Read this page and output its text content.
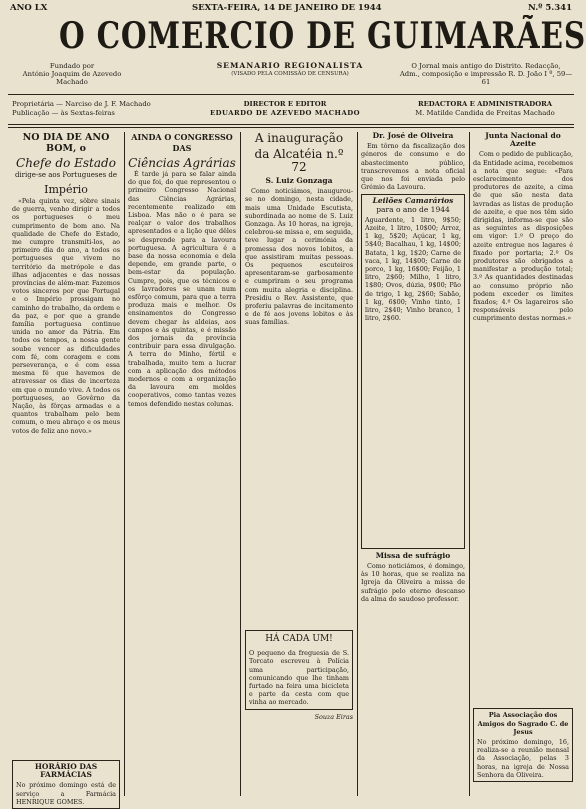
ANO LX	SEXTA-FEIRA, 14 DE JANEIRO DE 1944	N.º 5.341
O COMERCIO DE GUIMARÃES
Fundado por
António Joaquim de Azevedo Machado
SEMANARIO REGIONALISTA
(VISADO PELA COMISSÃO DE CENSURA)
O Jornal mais antigo do Distrito. Redacção,
Adm., composição e impressão R. D. João I º, 59—61
Proprietária — Narciso de J. F. Machado
Publicação — às Sextas-feiras
DIRECTOR E EDITOR
EDUARDO DE AZEVEDO MACHADO
REDACTORA E ADMINISTRADORA
M. Matilde Candida de Freitas Machado
NO DIA DE ANO BOM, o
Chefe do Estado
dirige-se aos Portugueses de
Império

«Pela quinta vez, sôbre sinais de guerra, venho dirigir a todos os portugueses o meu cumprimento de bom ano. Na qualidade de Chefe do Estado, me cumpre transmiti-los, ao primeiro dia do ano, a todos os portugueses que vivem no território da metrópole e das ilhas adjacentes e das nossas províncias de além-mar. Fazemos votos sinceros por que Portugal e o Império prossigam no caminho do trabalho, da ordem e da paz, e por que a grande família portuguesa continue unida no amor da Pátria. Em todos os tempos, a nossa gente soube vencer as dificuldades com fé, com coragem e com perseverança, e é com essa mesma fé que havemos de atravessar os dias de incerteza em que o mundo vive. A todos os portugueses, ao Govêrno da Nação, às fôrças armadas e a quantos trabalham pelo bem comum, o meu abraço e os meus votos de feliz ano novo.»

HORÁRIO DAS FARMÁCIAS
No próximo domingo está de serviço a Farmácia HENRIQUE GOMES.
AINDA O CONGRESSO DAS
Ciências Agrárias

É tarde já para se falar ainda do que foi, do que representou o primeiro Congresso Nacional das Ciências Agrárias, recentemente realizado em Lisboa. Mas não o é para se realçar o valor dos trabalhos apresentados e a lição que dêles se desprende para a lavoura portuguesa. A agricultura é a base da nossa economia e dela depende, em grande parte, o bem-estar da população. Cumpre, pois, que os técnicos e os lavradores se unam num esfôrço comum, para que a terra produza mais e melhor. Os ensinamentos do Congresso devem chegar às aldeias, aos campos e às quintas, e é missão dos jornais da província contribuir para essa divulgação. A terra do Minho, fértil e trabalhada, muito tem a lucrar com a aplicação dos métodos modernos e com a organização da lavoura em moldes cooperativos, como tantas vezes temos defendido nestas colunas.

A inauguração
da Alcatéia n.º 72
S. Luiz Gonzaga

Como noticiámos, inaugurou-se no domingo, nesta cidade, mais uma Unidade Escutista, subordinada ao nome de S. Luiz Gonzaga. Às 10 horas, na igreja, celebrou-se missa e, em seguida, teve lugar a cerimónia da promessa dos novos lobitos, a que assistiram muitas pessoas. Os pequenos escuteiros apresentaram-se garbosamente e cumpriram o seu programa com muita alegria e disciplina. Presidiu o Rev. Assistente, que proferiu palavras de incitamento e de fé aos jovens lobitos e às suas famílias.

HÁ CADA UM!
O pequeno da freguesia de S. Torcato escreveu à Polícia uma participação, comunicando que lhe tinham furtado na feira uma bicicleta e parte da cesta com que vinha ao mercado.
Souza Eiras
Dr. José de Oliveira

Em tôrno da fiscalização dos géneros de consumo e do abastecimento público, transcrevemos a nota oficial que nos foi enviada pelo Grémio da Lavoura.

Leilões Camarários
para o ano de 1944
Aguardente, 1 litro, 9$50; Azeite, 1 litro, 10$00; Arroz, 1 kg, 5$20; Açúcar, 1 kg, 5$40; Bacalhau, 1 kg, 14$00; Batata, 1 kg, 1$20; Carne de vaca, 1 kg, 14$00; Carne de porco, 1 kg, 16$00; Feijão, 1 litro, 2$60; Milho, 1 litro, 1$80; Ovos, dúzia, 9$00; Pão de trigo, 1 kg, 2$60; Sabão, 1 kg, 6$00; Vinho tinto, 1 litro, 2$40; Vinho branco, 1 litro, 2$60.
Missa de sufrágio

Como noticiámos, é domingo, às 10 horas, que se realiza na Igreja da Oliveira a missa de sufrágio pelo eterno descanso da alma do saudoso professor.

Junta Nacional do Azeite

Com o pedido de publicação, da Entidade acima, recebemos a nota que segue: «Para esclarecimento dos produtores de azeite, a cima de que são nesta data lavradas as listas de produção de azeite, e que nos têm sido dirigidas, informa-se que são as seguintes as disposições em vigor: 1.º O preço do azeite entregue nos lagares é fixado por portaria; 2.º Os produtores são obrigados a manifestar a produção total; 3.º As quantidades destinadas ao consumo próprio não podem exceder os limites fixados; 4.º Os lagareiros são responsáveis pelo cumprimento destas normas.»

Pia Associação dos Amigos do Sagrado C. de Jesus
No próximo domingo, 16, realiza-se a reunião mensal da Associação, pelas 3 horas, na igreja de Nossa Senhora da Oliveira.
